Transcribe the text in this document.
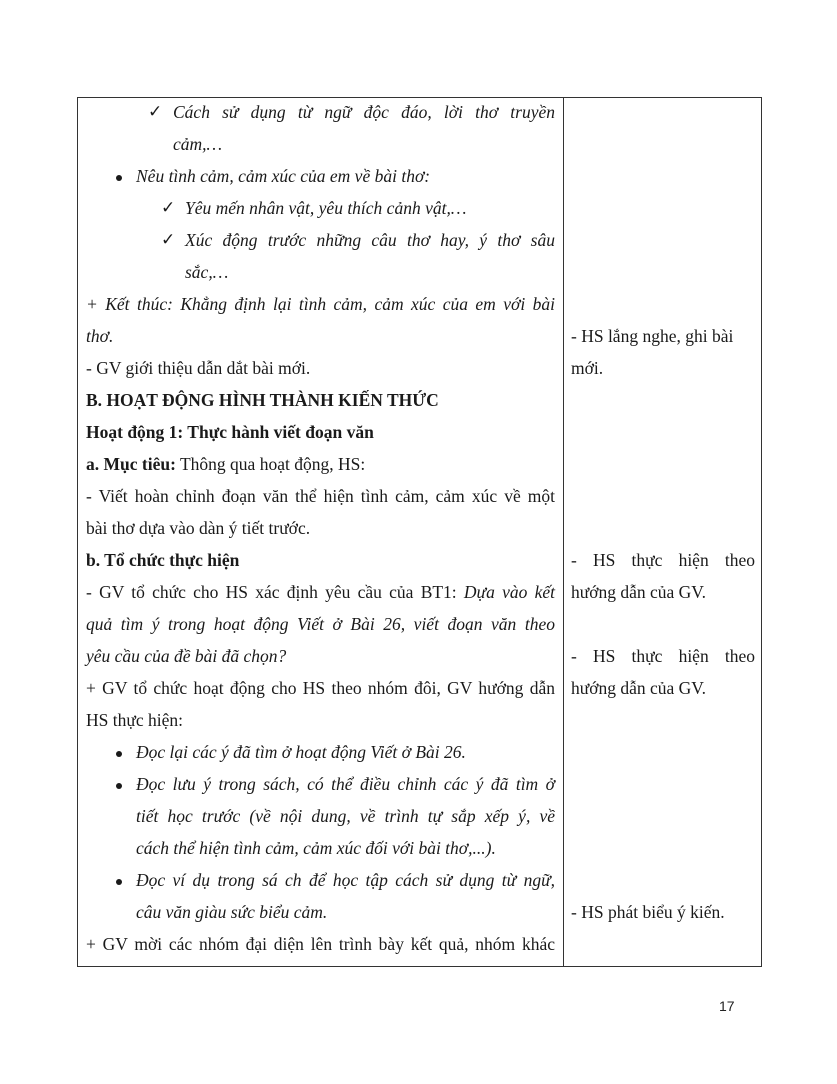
✓ Cách sử dụng từ ngữ độc đáo, lời thơ truyền
cảm,…
Nêu tình cảm, cảm xúc của em về bài thơ:
✓ Yêu mến nhân vật, yêu thích cảnh vật,…
✓ Xúc động trước những câu thơ hay, ý thơ sâu
sắc,…
+ Kết thúc: Khẳng định lại tình cảm, cảm xúc của em với bài
thơ.
- GV giới thiệu dẫn dắt bài mới.
B. HOẠT ĐỘNG HÌNH THÀNH KIẾN THỨC
Hoạt động 1: Thực hành viết đoạn văn
a. Mục tiêu: Thông qua hoạt động, HS:
- Viết hoàn chỉnh đoạn văn thể hiện tình cảm, cảm xúc về một
bài thơ dựa vào dàn ý tiết trước.
b. Tổ chức thực hiện
- GV tổ chức cho HS xác định yêu cầu của BT1: Dựa vào kết
quả tìm ý trong hoạt động Viết ở Bài 26, viết đoạn văn theo
yêu cầu của đề bài đã chọn?
+ GV tổ chức hoạt động cho HS theo nhóm đôi, GV hướng dẫn
HS thực hiện:
Đọc lại các ý đã tìm ở hoạt động Viết ở Bài 26.
Đọc lưu ý trong sách, có thể điều chỉnh các ý đã tìm ở
tiết học trước (về nội dung, về trình tự sắp xếp ý, về
cách thể hiện tình cảm, cảm xúc đối với bài thơ,...).
Đọc ví dụ trong sá ch để học tập cách sử dụng từ ngữ,
câu văn giàu sức biểu cảm.
+ GV mời các nhóm đại diện lên trình bày kết quả, nhóm khác
- HS lắng nghe, ghi bài
mới.
- HS thực hiện theo
hướng dẫn của GV.
- HS thực hiện theo
hướng dẫn của GV.
- HS phát biểu ý kiến.
17
